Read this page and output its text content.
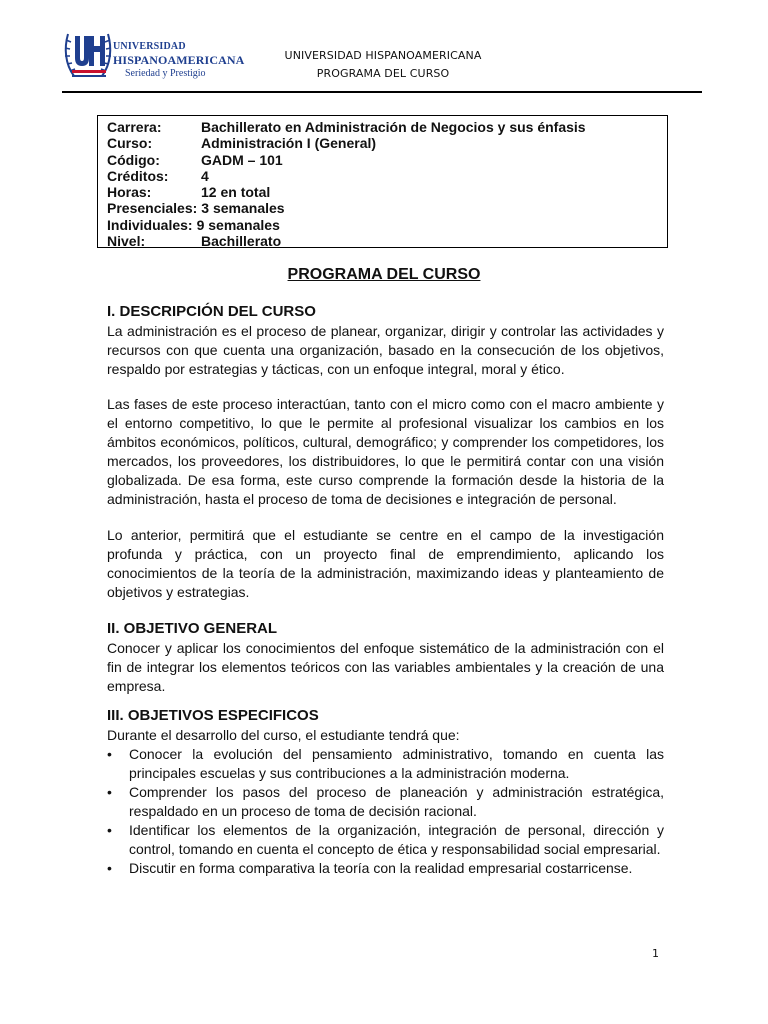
UNIVERSIDAD
HISPANOAMERICANA
Seriedad y Prestigio
UNIVERSIDAD HISPANOAMERICANA
PROGRAMA DEL CURSO
Carrera:	Bachillerato en Administración de Negocios y sus énfasis
Curso:	Administración I (General)
Código:	GADM – 101
Créditos:	4
Horas:	12 en total
Presenciales: 3 semanales
Individuales: 9 semanales
Nivel:	Bachillerato
PROGRAMA DEL CURSO
I. DESCRIPCIÓN DEL CURSO

La administración es el proceso de planear, organizar, dirigir y controlar las actividades y recursos con que cuenta una organización, basado en la consecución de los objetivos, respaldo por estrategias y tácticas, con un enfoque integral, moral y ético.

Las fases de este proceso interactúan, tanto con el micro como con el macro ambiente y el entorno competitivo, lo que le permite al profesional visualizar los cambios en los ámbitos económicos, políticos, cultural, demográfico; y comprender los competidores, los mercados, los proveedores, los distribuidores, lo que le permitirá contar con una visión globalizada. De esa forma, este curso comprende la formación desde la historia de la administración, hasta el proceso de toma de decisiones e integración de personal.

Lo anterior, permitirá que el estudiante se centre en el campo de la investigación profunda y práctica, con un proyecto final de emprendimiento, aplicando los conocimientos de la teoría de la administración, maximizando ideas y planteamiento de objetivos y estrategias.

II. OBJETIVO GENERAL

Conocer y aplicar los conocimientos del enfoque sistemático de la administración con el fin de integrar los elementos teóricos con las variables ambientales y la creación de una empresa.

III. OBJETIVOS ESPECIFICOS

Durante el desarrollo del curso, el estudiante tendrá que:

• Conocer la evolución del pensamiento administrativo, tomando en cuenta las principales escuelas y sus contribuciones a la administración moderna.
• Comprender los pasos del proceso de planeación y administración estratégica, respaldado en un proceso de toma de decisión racional.
• Identificar los elementos de la organización, integración de personal, dirección y control, tomando en cuenta el concepto de ética y responsabilidad social empresarial.
• Discutir en forma comparativa la teoría con la realidad empresarial costarricense.
1
